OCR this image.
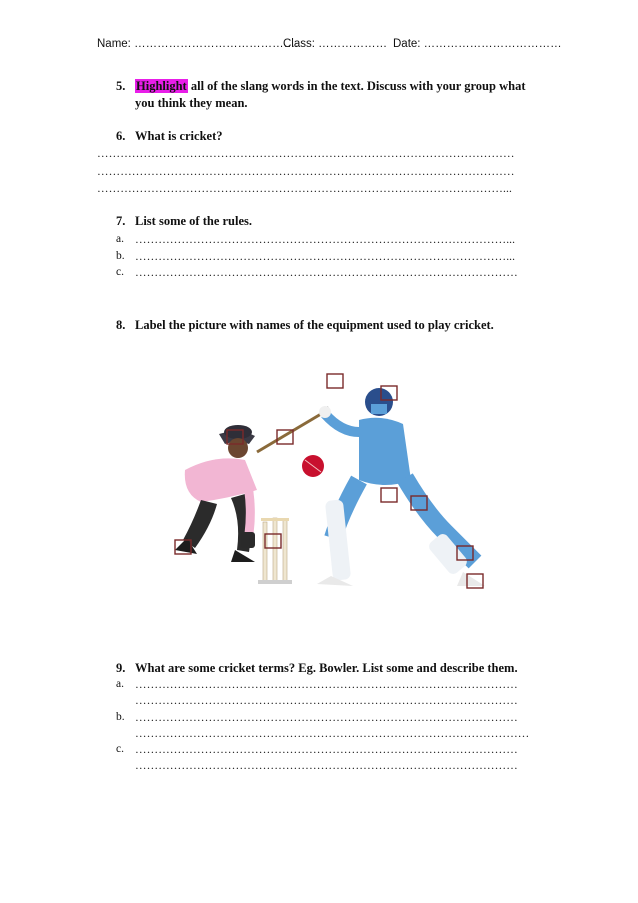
Name: …………………………………….
Class: ……………… Date: ………………………………
5. Highlight all of the slang words in the text. Discuss with your group what
you think they mean.
6. What is cricket?
………………………………………………………………………………………………
………………………………………………………………………………………………
……………………………………………………………………………………………...
7. List some of the rules.
a. ……………………………………………………………………………………...
b. ……………………………………………………………………………………...
c. ………………………………………………………………………………………
8. Label the picture with names of the equipment used to play cricket.
9. What are some cricket terms? Eg. Bowler. List some and describe them.
a. ………………………………………………………………………………………
………………………………………………………………………………………
b. ………………………………………………………………………………………
…………………………………………………………………………………………
c. ………………………………………………………………………………………
………………………………………………………………………………………
